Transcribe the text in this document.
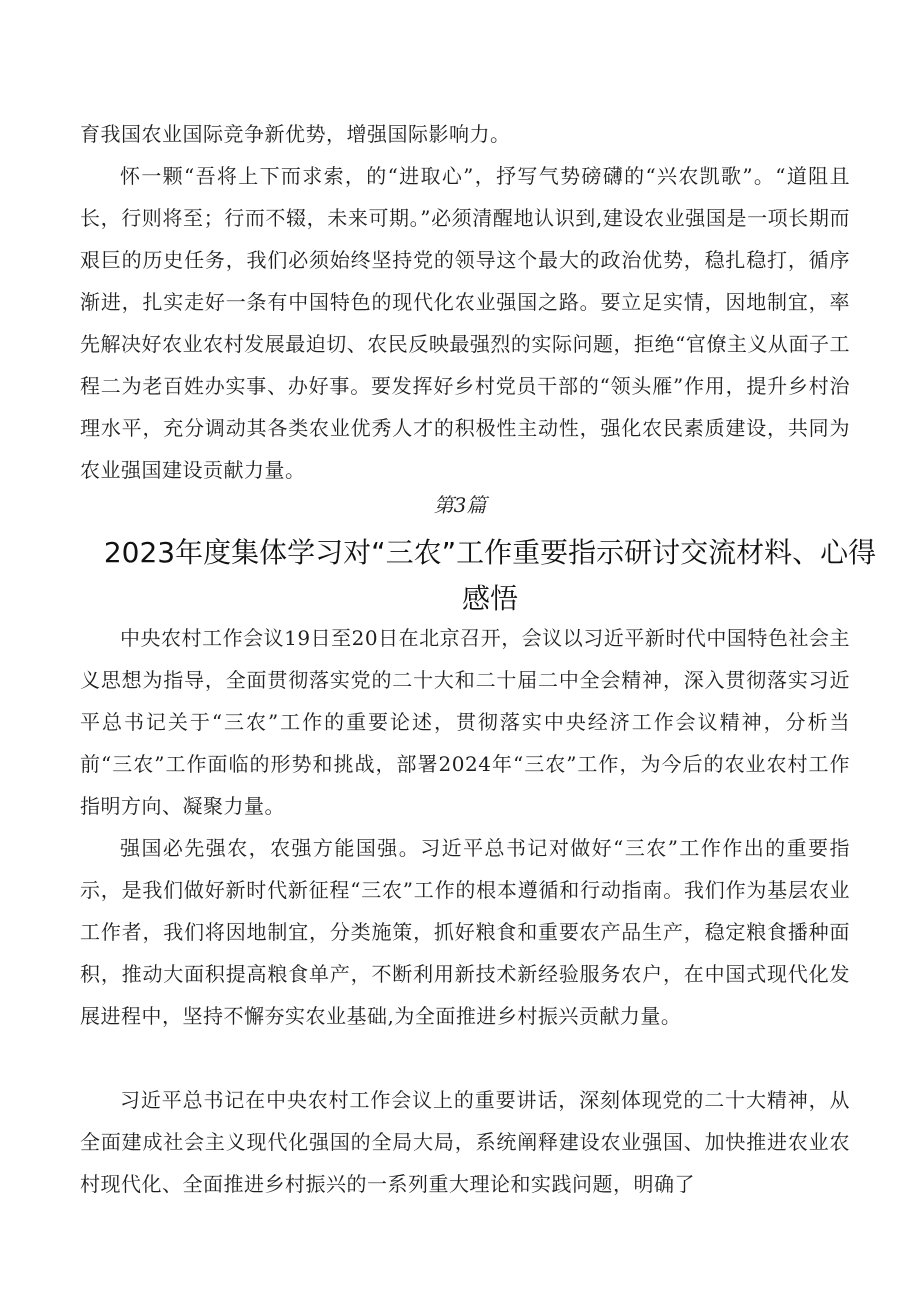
育我国农业国际竞争新优势，增强国际影响力。

怀一颗“吾将上下而求索，的“进取心”，抒写气势磅礴的“兴农凯歌”。“道阻且长，行则将至；行而不辍，未来可期。”必须清醒地认识到,建设农业强国是一项长期而艰巨的历史任务，我们必须始终坚持党的领导这个最大的政治优势，稳扎稳打，循序渐进，扎实走好一条有中国特色的现代化农业强国之路。要立足实情，因地制宜，率先解决好农业农村发展最迫切、农民反映最强烈的实际问题，拒绝“官僚主义从面子工程二为老百姓办实事、办好事。要发挥好乡村党员干部的“领头雁”作用，提升乡村治理水平，充分调动其各类农业优秀人才的积极性主动性，强化农民素质建设，共同为农业强国建设贡献力量。

第3篇
2023年度集体学习对“三农”工作重要指示研讨交流材料、心得感悟

中央农村工作会议19日至20日在北京召开，会议以习近平新时代中国特色社会主义思想为指导，全面贯彻落实党的二十大和二十届二中全会精神，深入贯彻落实习近平总书记关于“三农”工作的重要论述，贯彻落实中央经济工作会议精神，分析当前“三农”工作面临的形势和挑战，部署2024年“三农”工作，为今后的农业农村工作指明方向、凝聚力量。

强国必先强农，农强方能国强。习近平总书记对做好“三农”工作作出的重要指示，是我们做好新时代新征程“三农”工作的根本遵循和行动指南。我们作为基层农业工作者，我们将因地制宜，分类施策，抓好粮食和重要农产品生产，稳定粮食播种面积，推动大面积提高粮食单产，不断利用新技术新经验服务农户，在中国式现代化发展进程中，坚持不懈夯实农业基础,为全面推进乡村振兴贡献力量。

习近平总书记在中央农村工作会议上的重要讲话，深刻体现党的二十大精神，从全面建成社会主义现代化强国的全局大局，系统阐释建设农业强国、加快推进农业农村现代化、全面推进乡村振兴的一系列重大理论和实践问题，明确了
